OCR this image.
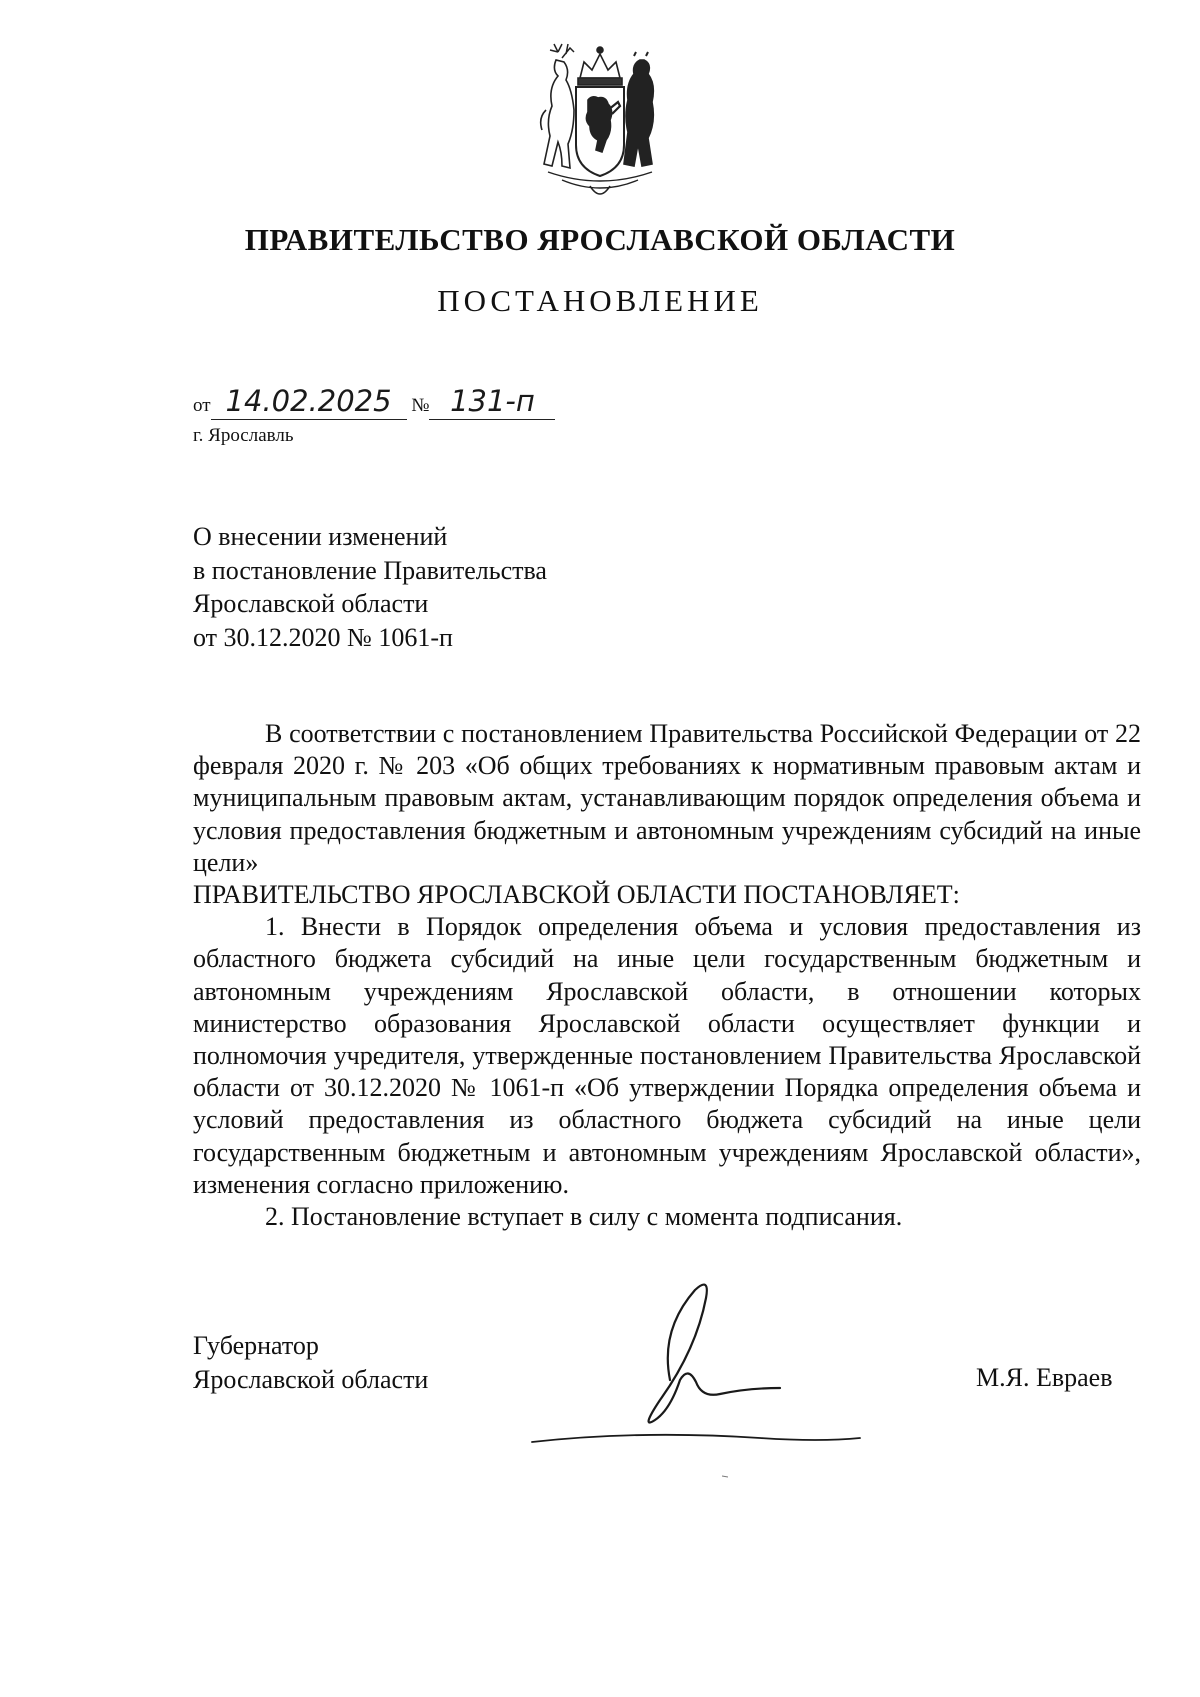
ПРАВИТЕЛЬСТВО ЯРОСЛАВСКОЙ ОБЛАСТИ
ПОСТАНОВЛЕНИЕ
от 14.02.2025 № 131-п
г. Ярославль
О внесении изменений
в постановление Правительства
Ярославской области
от 30.12.2020 № 1061-п

В соответствии с постановлением Правительства Российской Федерации от 22 февраля 2020 г. № 203 «Об общих требованиях к нормативным правовым актам и муниципальным правовым актам, устанавливающим порядок определения объема и условия предоставления бюджетным и автономным учреждениям субсидий на иные цели»

ПРАВИТЕЛЬСТВО ЯРОСЛАВСКОЙ ОБЛАСТИ ПОСТАНОВЛЯЕТ:

1. Внести в Порядок определения объема и условия предоставления из областного бюджета субсидий на иные цели государственным бюджетным и автономным учреждениям Ярославской области, в отношении которых министерство образования Ярославской области осуществляет функции и полномочия учредителя, утвержденные постановлением Правительства Ярославской области от 30.12.2020 № 1061-п «Об утверждении Порядка определения объема и условий предоставления из областного бюджета субсидий на иные цели государственным бюджетным и автономным учреждениям Ярославской области», изменения согласно приложению.

2. Постановление вступает в силу с момента подписания.

Губернатор
Ярославской области	М.Я. Евраев
